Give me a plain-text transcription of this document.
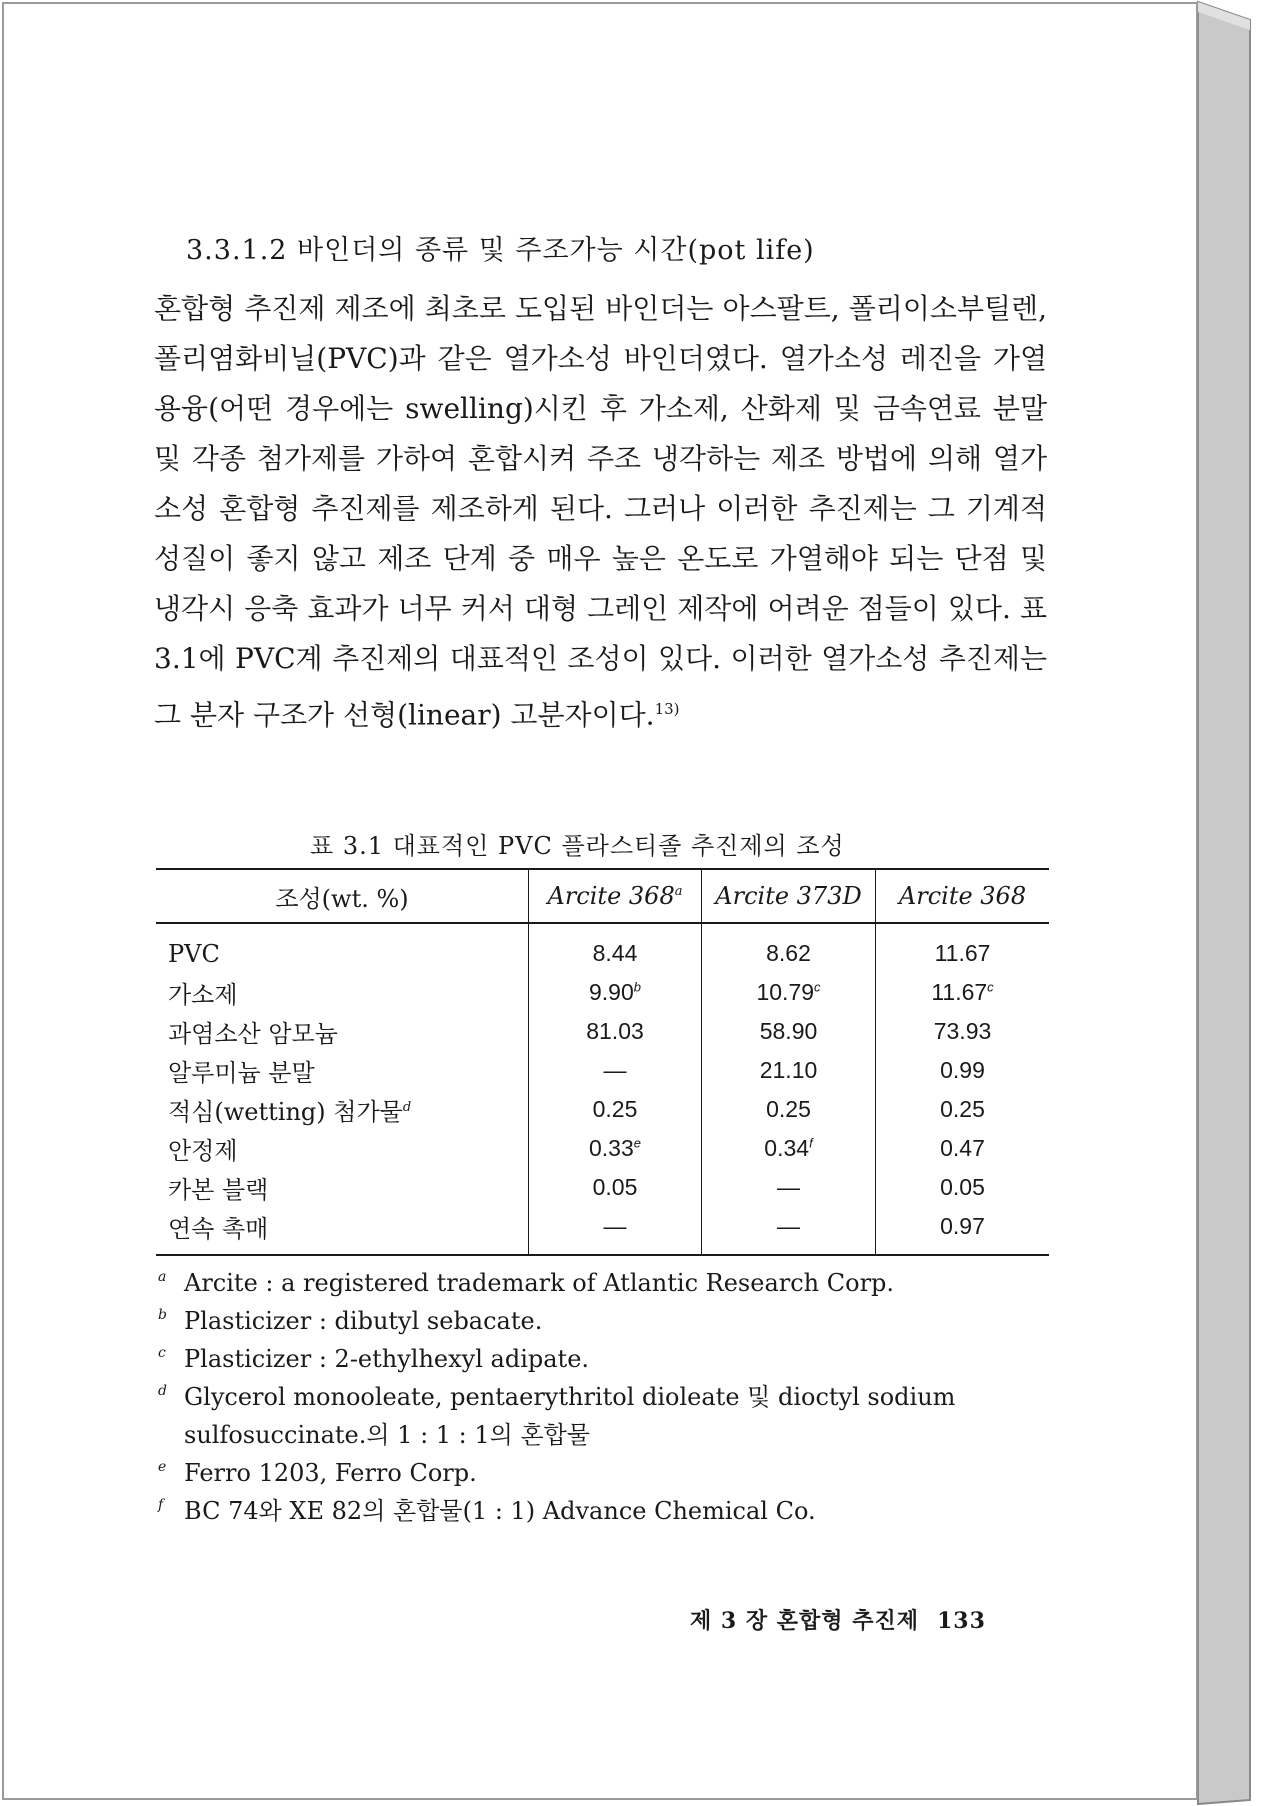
3.3.1.2 바인더의 종류 및 주조가능 시간(pot life)
혼합형 추진제 제조에 최초로 도입된 바인더는 아스팔트, 폴리이소부틸렌, 폴리염화비닐(PVC)과 같은 열가소성 바인더였다. 열가소성 레진을 가열용융(어떤 경우에는 swelling)시킨 후 가소제, 산화제 및 금속연료 분말 및 각종 첨가제를 가하여 혼합시켜 주조 냉각하는 제조 방법에 의해 열가소성 혼합형 추진제를 제조하게 된다. 그러나 이러한 추진제는 그 기계적 성질이 좋지 않고 제조 단계 중 매우 높은 온도로 가열해야 되는 단점 및 냉각시 응축 효과가 너무 커서 대형 그레인 제작에 어려운 점들이 있다. 표 3.1에 PVC계 추진제의 대표적인 조성이 있다. 이러한 열가소성 추진제는 그 분자 구조가 선형(linear) 고분자이다.$^{13)}$
표 3.1 대표적인 PVC 플라스티졸 추진제의 조성
조성(wt. %)	Arcite 368$^a$	Arcite 373D	Arcite 368
PVC	8.44	8.62	11.67
가소제	9.90$^b$	10.79$^c$	11.67$^c$
과염소산 암모늄	81.03	58.90	73.93
알루미늄 분말	—	21.10	0.99
적심(wetting) 첨가물$^d$	0.25	0.25	0.25
안정제	0.33e	0.34$^f$	0.47
카본 블랙	0.05	—	0.05
연속 촉매	—	—	0.97
a Arcite : a registered trademark of Atlantic Research Corp.
b Plasticizer : dibutyl sebacate.
c Plasticizer : 2-ethylhexyl adipate.
d Glycerol monooleate, pentaerythritol dioleate 및 dioctyl sodium sulfosuccinate.의 1 : 1 : 1의 혼합물
e Ferro 1203, Ferro Corp.
f BC 74와 XE 82의 혼합물(1 : 1) Advance Chemical Co.
제 3 장 혼합형 추진제 133
